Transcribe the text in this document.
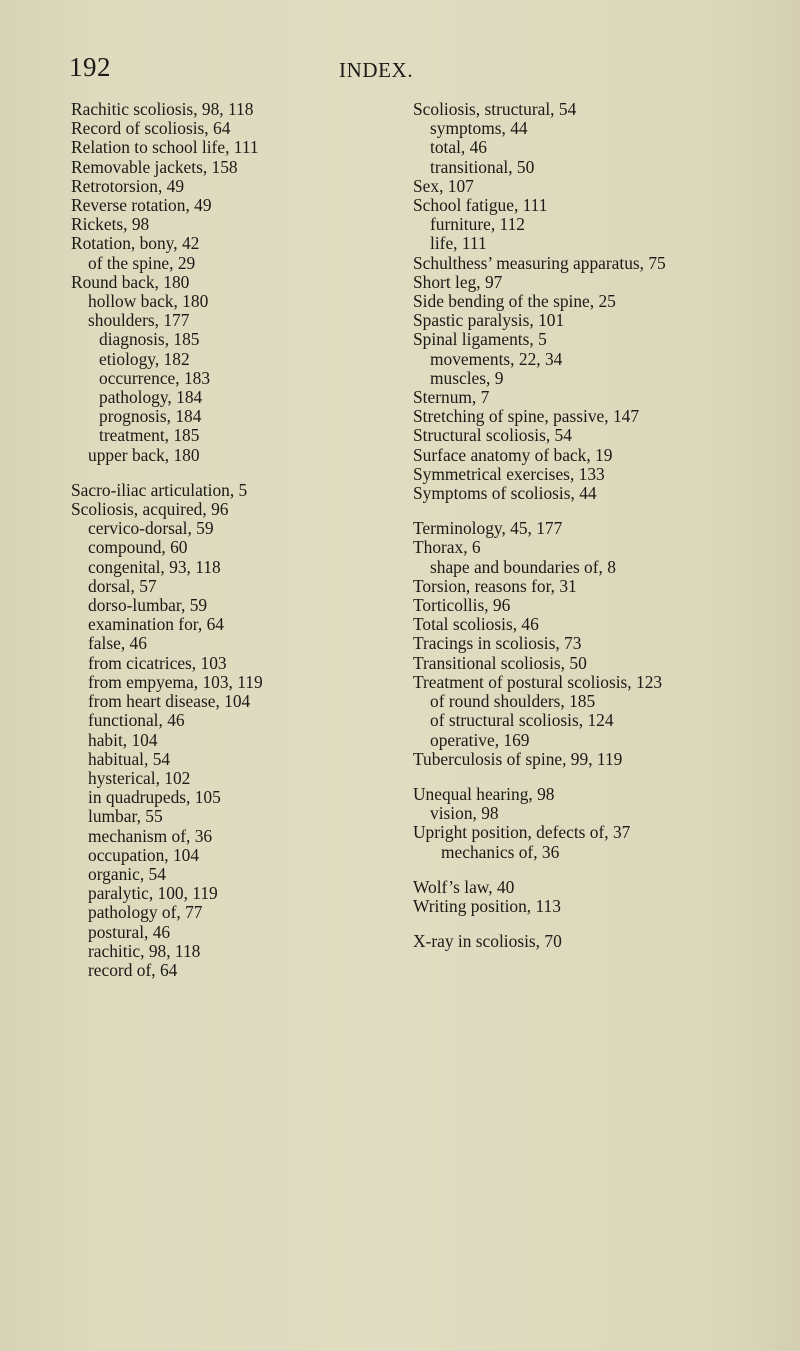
192	INDEX.
Rachitic scoliosis, 98, 118
Record of scoliosis, 64
Relation to school life, 111
Removable jackets, 158
Retrotorsion, 49
Reverse rotation, 49
Rickets, 98
Rotation, bony, 42
of the spine, 29
Round back, 180
hollow back, 180
shoulders, 177
diagnosis, 185
etiology, 182
occurrence, 183
pathology, 184
prognosis, 184
treatment, 185
upper back, 180
Sacro-iliac articulation, 5
Scoliosis, acquired, 96
cervico-dorsal, 59
compound, 60
congenital, 93, 118
dorsal, 57
dorso-lumbar, 59
examination for, 64
false, 46
from cicatrices, 103
from empyema, 103, 119
from heart disease, 104
functional, 46
habit, 104
habitual, 54
hysterical, 102
in quadrupeds, 105
lumbar, 55
mechanism of, 36
occupation, 104
organic, 54
paralytic, 100, 119
pathology of, 77
postural, 46
rachitic, 98, 118
record of, 64
Scoliosis, structural, 54
symptoms, 44
total, 46
transitional, 50
Sex, 107
School fatigue, 111
furniture, 112
life, 111
Schulthess’ measuring apparatus, 75
Short leg, 97
Side bending of the spine, 25
Spastic paralysis, 101
Spinal ligaments, 5
movements, 22, 34
muscles, 9
Sternum, 7
Stretching of spine, passive, 147
Structural scoliosis, 54
Surface anatomy of back, 19
Symmetrical exercises, 133
Symptoms of scoliosis, 44
Terminology, 45, 177
Thorax, 6
shape and boundaries of, 8
Torsion, reasons for, 31
Torticollis, 96
Total scoliosis, 46
Tracings in scoliosis, 73
Transitional scoliosis, 50
Treatment of postural scoliosis, 123
of round shoulders, 185
of structural scoliosis, 124
operative, 169
Tuberculosis of spine, 99, 119
Unequal hearing, 98
vision, 98
Upright position, defects of, 37
mechanics of, 36
Wolf’s law, 40
Writing position, 113
X-ray in scoliosis, 70
